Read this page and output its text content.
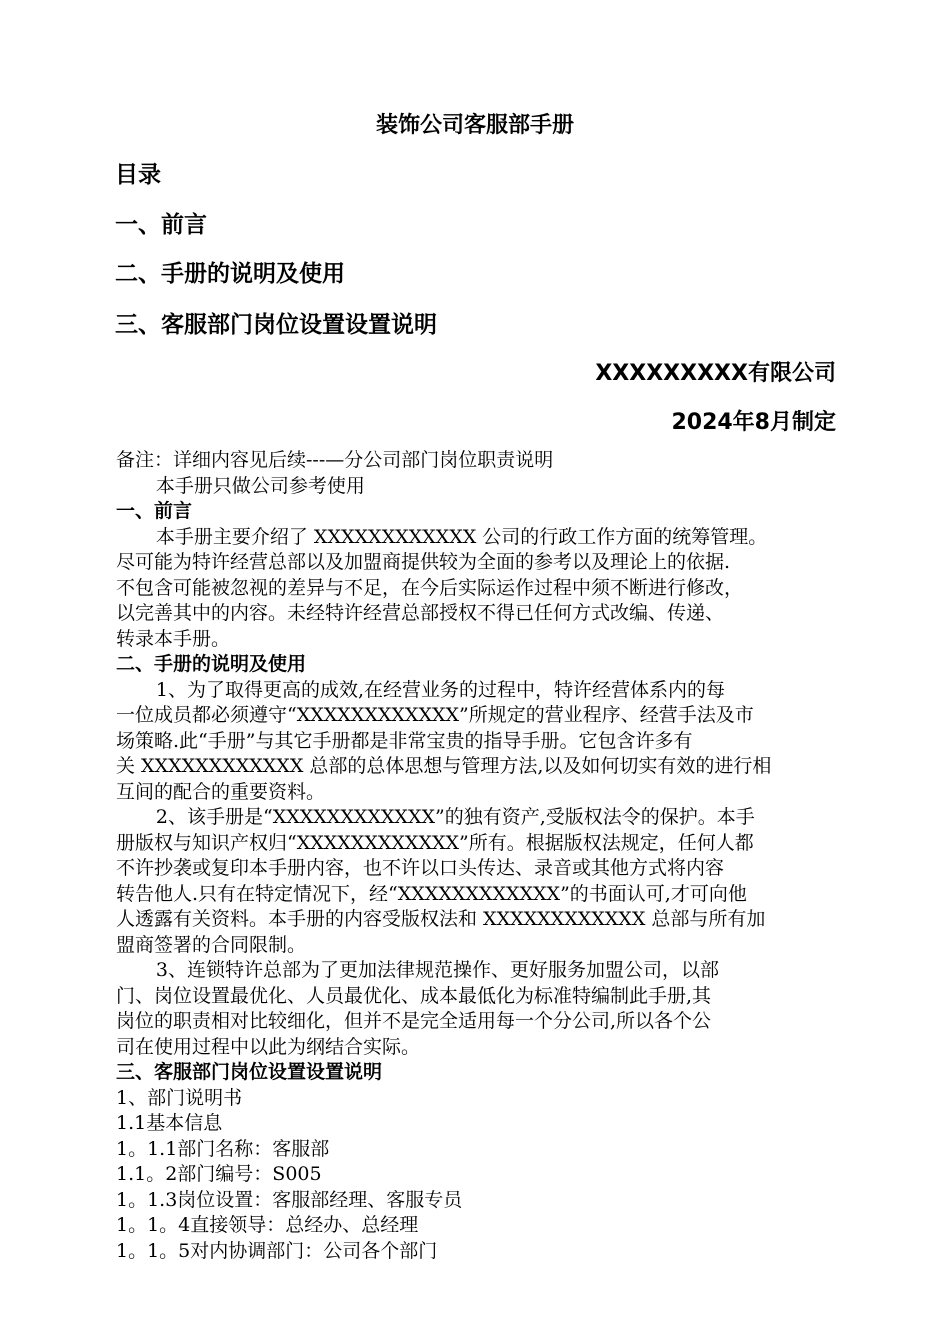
装饰公司客服部手册
目录
一、前言
二、手册的说明及使用
三、客服部门岗位设置设置说明
XXXXXXXXX有限公司
2024年8月制定
备注：详细内容见后续---—分公司部门岗位职责说明
本手册只做公司参考使用
一、前言
本手册主要介绍了 XXXXXXXXXXXX 公司的行政工作方面的统筹管理。
尽可能为特许经营总部以及加盟商提供较为全面的参考以及理论上的依据.
不包含可能被忽视的差异与不足，在今后实际运作过程中须不断进行修改，
以完善其中的内容。未经特许经营总部授权不得已任何方式改编、传递、
转录本手册。
二、手册的说明及使用
1、为了取得更高的成效,在经营业务的过程中，特许经营体系内的每
一位成员都必须遵守“XXXXXXXXXXXX”所规定的营业程序、经营手法及市
场策略.此“手册”与其它手册都是非常宝贵的指导手册。它包含许多有
关 XXXXXXXXXXXX 总部的总体思想与管理方法,以及如何切实有效的进行相
互间的配合的重要资料。
2、该手册是“XXXXXXXXXXXX”的独有资产,受版权法令的保护。本手
册版权与知识产权归“XXXXXXXXXXXX”所有。根据版权法规定，任何人都
不许抄袭或复印本手册内容，也不许以口头传达、录音或其他方式将内容
转告他人.只有在特定情况下，经“XXXXXXXXXXXX”的书面认可,才可向他
人透露有关资料。本手册的内容受版权法和 XXXXXXXXXXXX 总部与所有加
盟商签署的合同限制。
3、连锁特许总部为了更加法律规范操作、更好服务加盟公司，以部
门、岗位设置最优化、人员最优化、成本最低化为标准特编制此手册,其
岗位的职责相对比较细化，但并不是完全适用每一个分公司,所以各个公
司在使用过程中以此为纲结合实际。
三、客服部门岗位设置设置说明
1、部门说明书
1.1基本信息
1。1.1部门名称：客服部
1.1。2部门编号：S005
1。1.3岗位设置：客服部经理、客服专员
1。1。4直接领导：总经办、总经理
1。1。5对内协调部门：公司各个部门
